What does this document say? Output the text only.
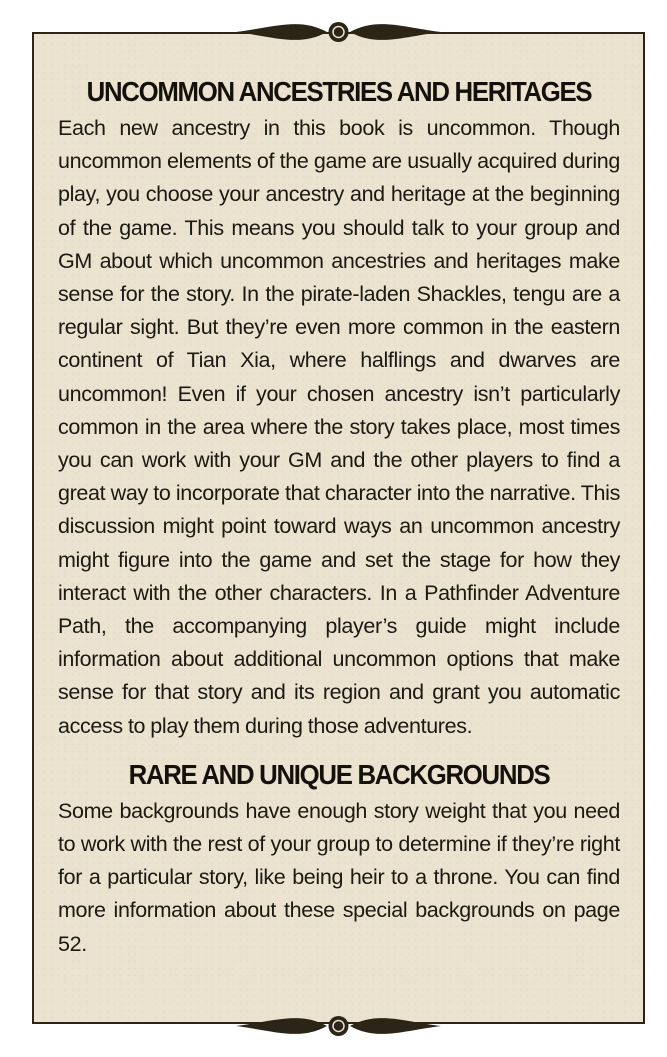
UNCOMMON ANCESTRIES AND HERITAGES

Each new ancestry in this book is uncommon. Though uncommon elements of the game are usually acquired during play, you choose your ancestry and heritage at the beginning of the game. This means you should talk to your group and GM about which uncommon ancestries and heritages make sense for the story. In the pirate-laden Shackles, tengu are a regular sight. But they’re even more common in the eastern continent of Tian Xia, where halflings and dwarves are uncommon! Even if your chosen ancestry isn’t particularly common in the area where the story takes place, most times you can work with your GM and the other players to find a great way to incorporate that character into the narrative. This discussion might point toward ways an uncommon ancestry might figure into the game and set the stage for how they interact with the other characters. In a Pathfinder Adventure Path, the accompanying player’s guide might include information about additional uncommon options that make sense for that story and its region and grant you automatic access to play them during those adventures.

RARE AND UNIQUE BACKGROUNDS

Some backgrounds have enough story weight that you need to work with the rest of your group to determine if they’re right for a particular story, like being heir to a throne. You can find more information about these special backgrounds on page 52.
